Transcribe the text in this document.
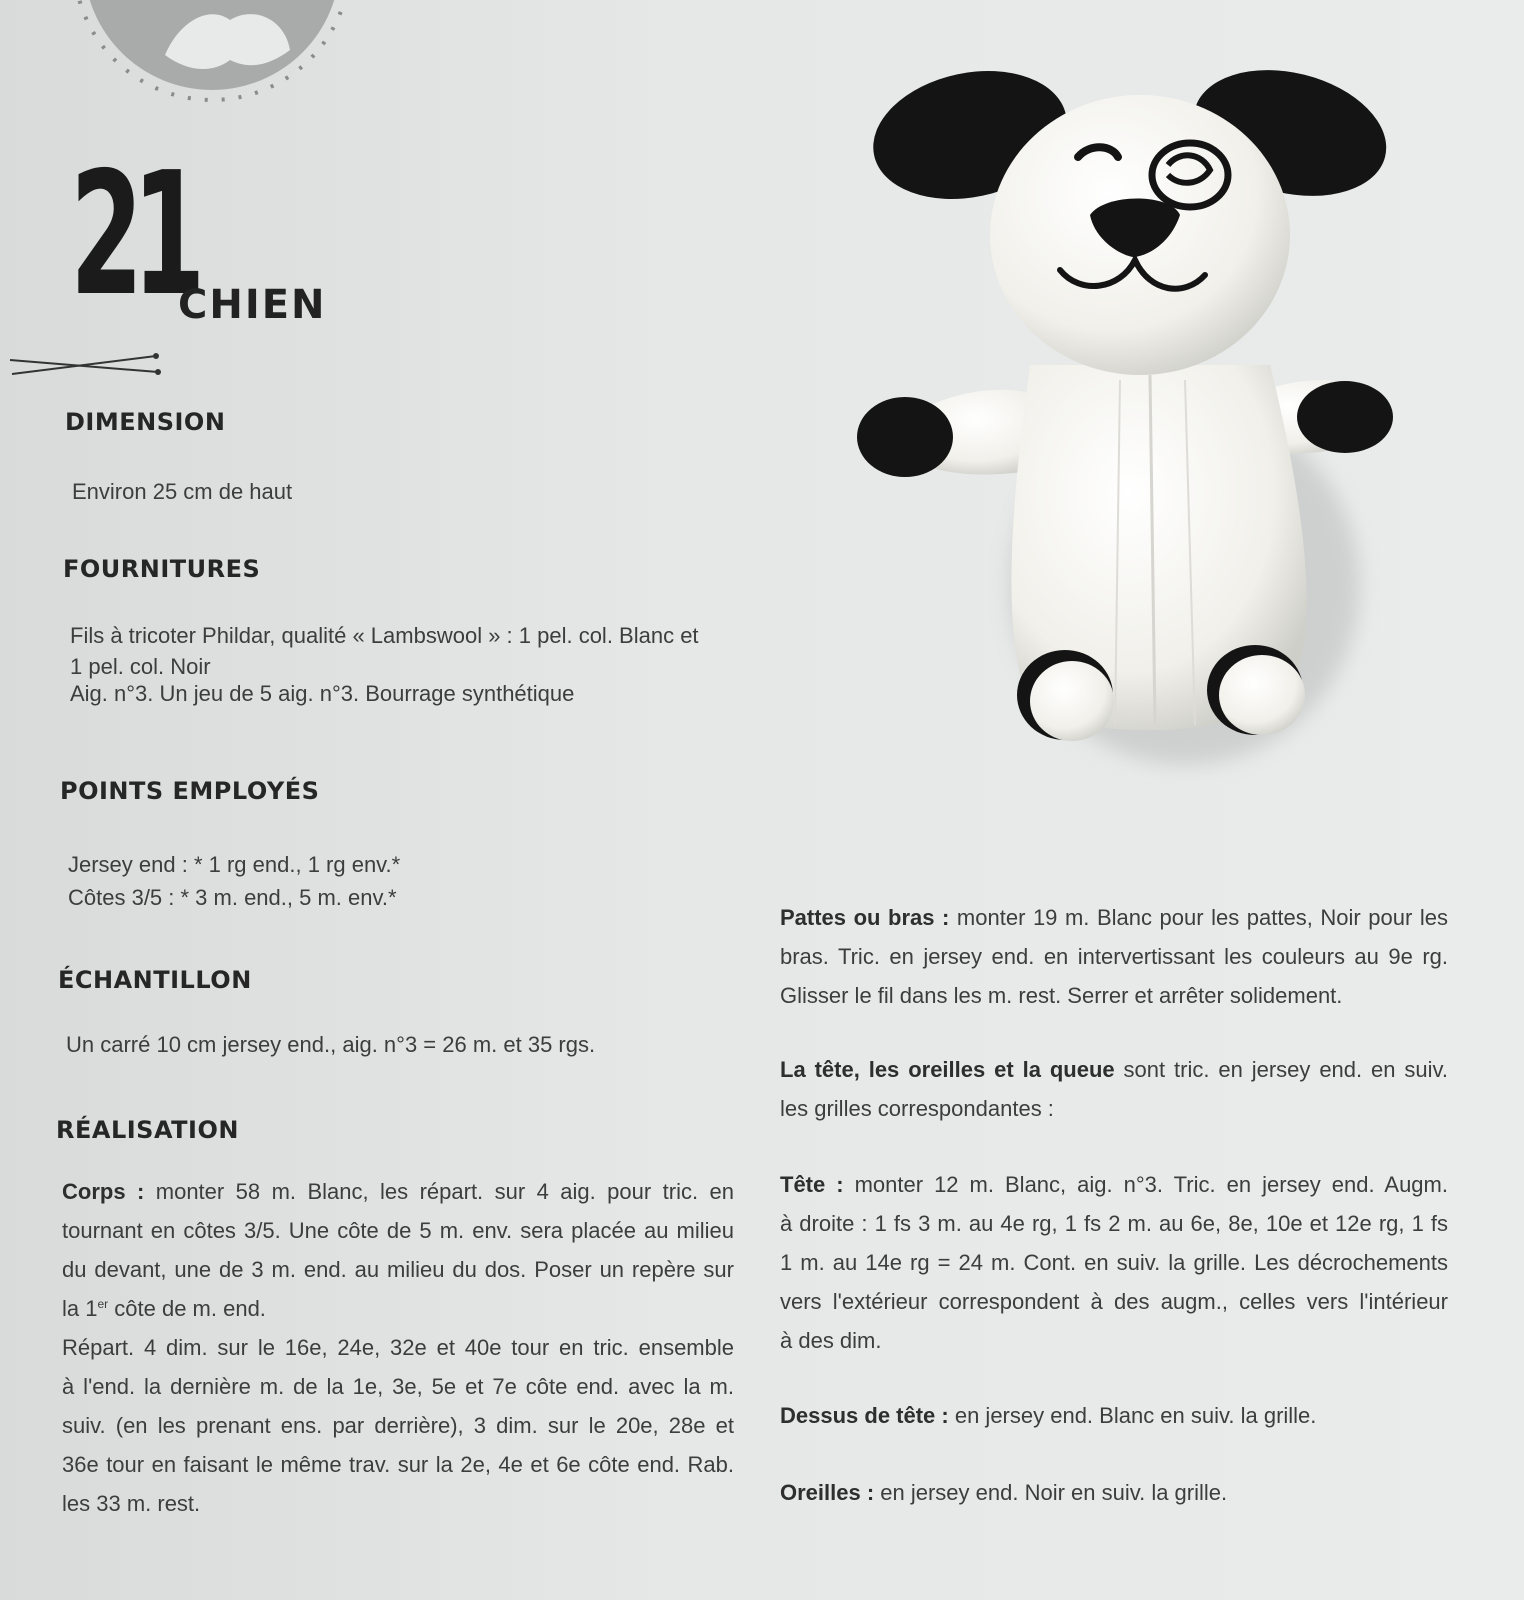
21
CHIEN
DIMENSION
Environ 25 cm de haut
FOURNITURES
Fils à tricoter Phildar, qualité « Lambswool » : 1 pel. col. Blanc et
1 pel. col. Noir
Aig. n°3. Un jeu de 5 aig. n°3. Bourrage synthétique
POINTS EMPLOYÉS
Jersey end : * 1 rg end., 1 rg env.*
Côtes 3/5 : * 3 m. end., 5 m. env.*
ÉCHANTILLON
Un carré 10 cm jersey end., aig. n°3 = 26 m. et 35 rgs.
RÉALISATION
Corps : monter 58 m. Blanc, les répart. sur 4 aig. pour tric. en
tournant en côtes 3/5. Une côte de 5 m. env. sera placée au milieu
du devant, une de 3 m. end. au milieu du dos. Poser un repère sur
la 1er côte de m. end.
Répart. 4 dim. sur le 16e, 24e, 32e et 40e tour en tric. ensemble
à l'end. la dernière m. de la 1e, 3e, 5e et 7e côte end. avec la m.
suiv. (en les prenant ens. par derrière), 3 dim. sur le 20e, 28e et
36e tour en faisant le même trav. sur la 2e, 4e et 6e côte end. Rab.
les 33 m. rest.
Pattes ou bras : monter 19 m. Blanc pour les pattes, Noir pour les
bras. Tric. en jersey end. en intervertissant les couleurs au 9e rg.
Glisser le fil dans les m. rest. Serrer et arrêter solidement.
La tête, les oreilles et la queue sont tric. en jersey end. en suiv.
les grilles correspondantes :
Tête : monter 12 m. Blanc, aig. n°3. Tric. en jersey end. Augm.
à droite : 1 fs 3 m. au 4e rg, 1 fs 2 m. au 6e, 8e, 10e et 12e rg, 1 fs
1 m. au 14e rg = 24 m. Cont. en suiv. la grille. Les décrochements
vers l'extérieur correspondent à des augm., celles vers l'intérieur
à des dim.
Dessus de tête : en jersey end. Blanc en suiv. la grille.
Oreilles : en jersey end. Noir en suiv. la grille.
